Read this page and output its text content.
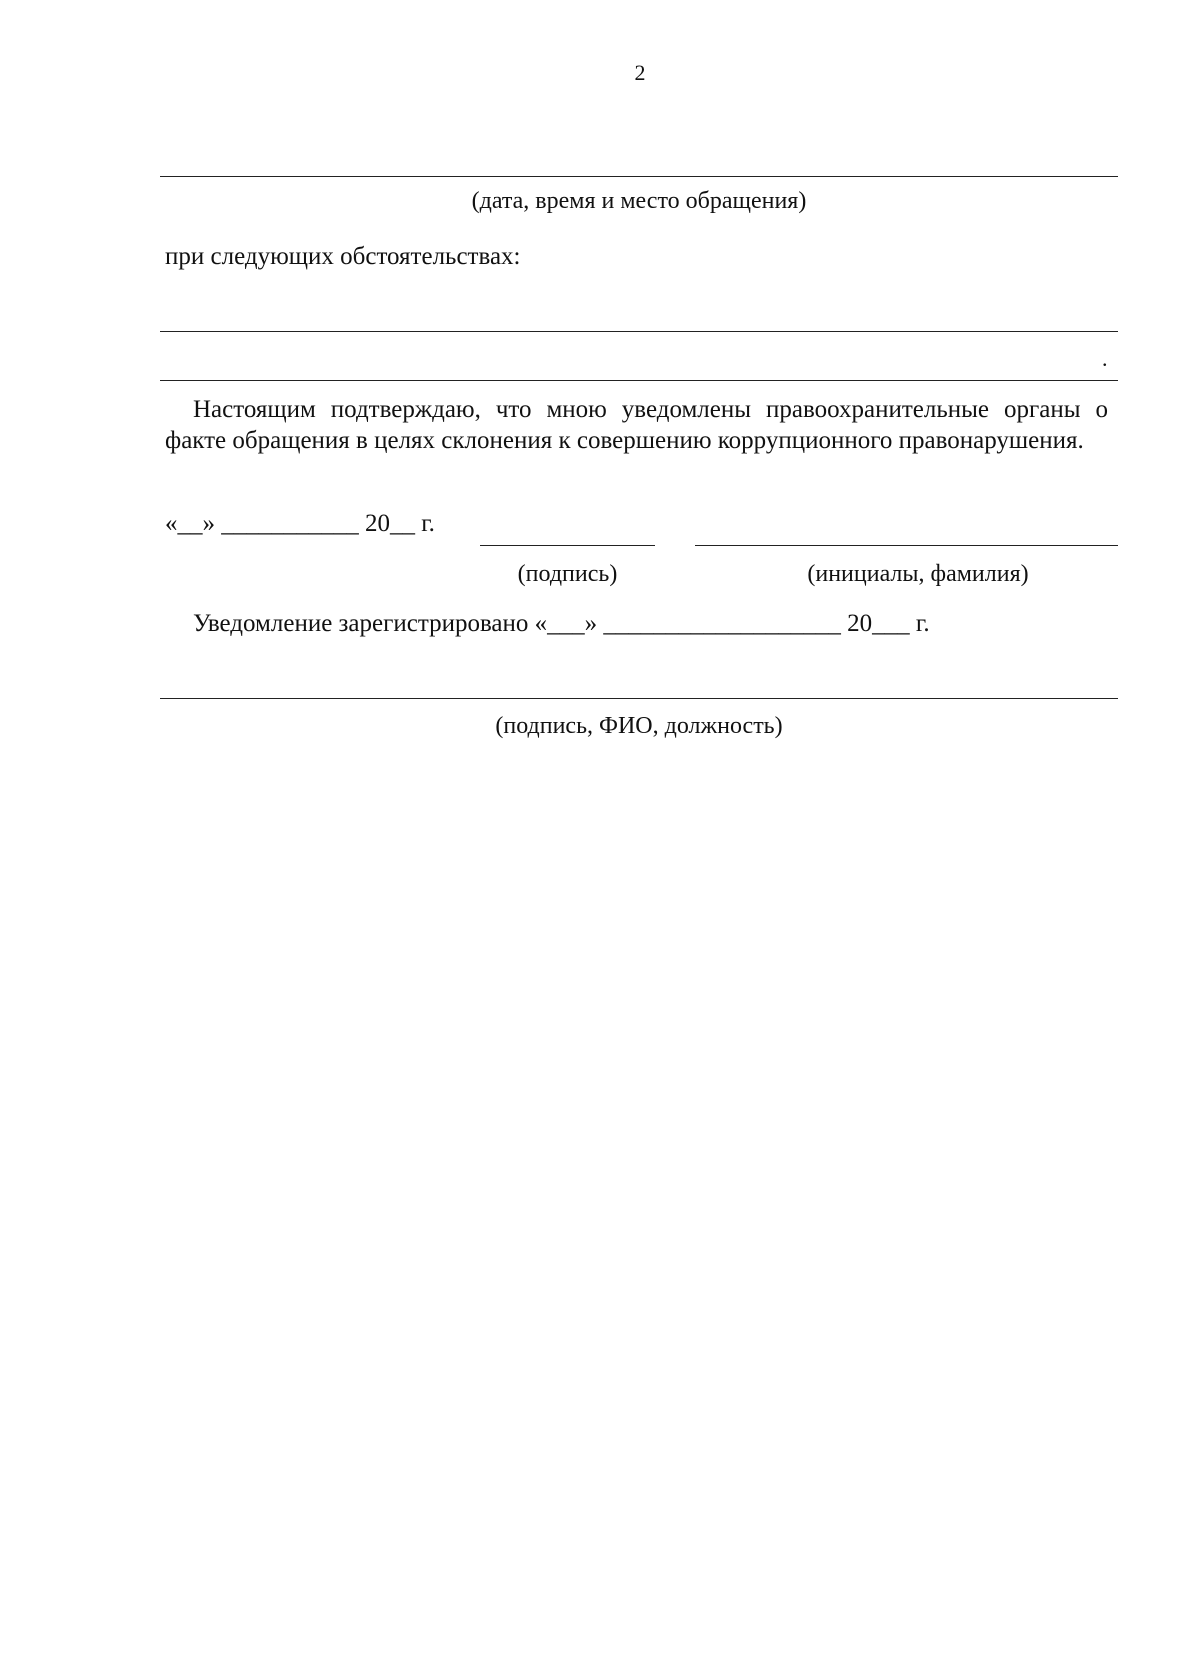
2
(дата, время и место обращения)
при следующих обстоятельствах:
.
Настоящим подтверждаю, что мною уведомлены правоохранительные органы о факте обращения в целях склонения к совершению коррупционного правонарушения.
«__» ___________ 20__ г.
(подпись)	(инициалы, фамилия)
Уведомление зарегистрировано «___» ___________________ 20___ г.
(подпись, ФИО, должность)
